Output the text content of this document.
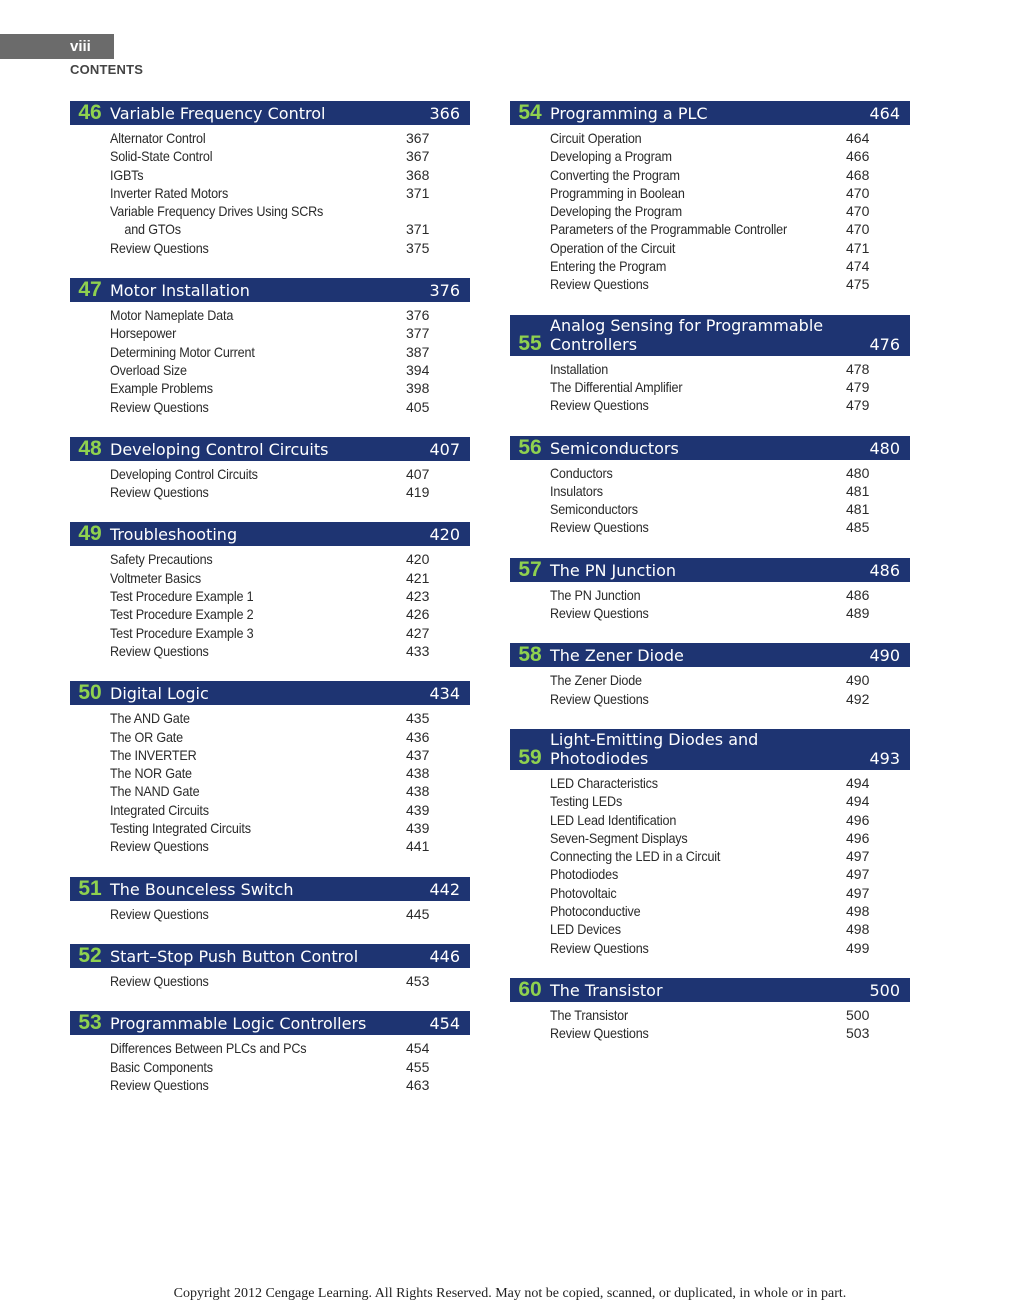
viii
CONTENTS
46 Variable Frequency Control	366
Alternator Control	367
Solid-State Control	367
IGBTs	368
Inverter Rated Motors	371
Variable Frequency Drives Using SCRs
and GTOs	371
Review Questions	375
47 Motor Installation	376
Motor Nameplate Data	376
Horsepower	377
Determining Motor Current	387
Overload Size	394
Example Problems	398
Review Questions	405
48 Developing Control Circuits	407
Developing Control Circuits	407
Review Questions	419
49 Troubleshooting	420
Safety Precautions	420
Voltmeter Basics	421
Test Procedure Example 1	423
Test Procedure Example 2	426
Test Procedure Example 3	427
Review Questions	433
50 Digital Logic	434
The AND Gate	435
The OR Gate	436
The INVERTER	437
The NOR Gate	438
The NAND Gate	438
Integrated Circuits	439
Testing Integrated Circuits	439
Review Questions	441
51 The Bounceless Switch	442
Review Questions	445
52 Start–Stop Push Button Control	446
Review Questions	453
53 Programmable Logic Controllers	454
Differences Between PLCs and PCs	454
Basic Components	455
Review Questions	463
54 Programming a PLC	464
Circuit Operation	464
Developing a Program	466
Converting the Program	468
Programming in Boolean	470
Developing the Program	470
Parameters of the Programmable Controller	470
Operation of the Circuit	471
Entering the Program	474
Review Questions	475
55
Analog Sensing for Programmable Controllers	476
Installation	478
The Differential Amplifier	479
Review Questions	479
56 Semiconductors	480
Conductors	480
Insulators	481
Semiconductors	481
Review Questions	485
57 The PN Junction	486
The PN Junction	486
Review Questions	489
58 The Zener Diode	490
The Zener Diode	490
Review Questions	492
59
Light-Emitting Diodes and Photodiodes	493
LED Characteristics	494
Testing LEDs	494
LED Lead Identification	496
Seven-Segment Displays	496
Connecting the LED in a Circuit	497
Photodiodes	497
Photovoltaic	497
Photoconductive	498
LED Devices	498
Review Questions	499
60 The Transistor	500
The Transistor	500
Review Questions	503
Copyright 2012 Cengage Learning. All Rights Reserved. May not be copied, scanned, or duplicated, in whole or in part.
